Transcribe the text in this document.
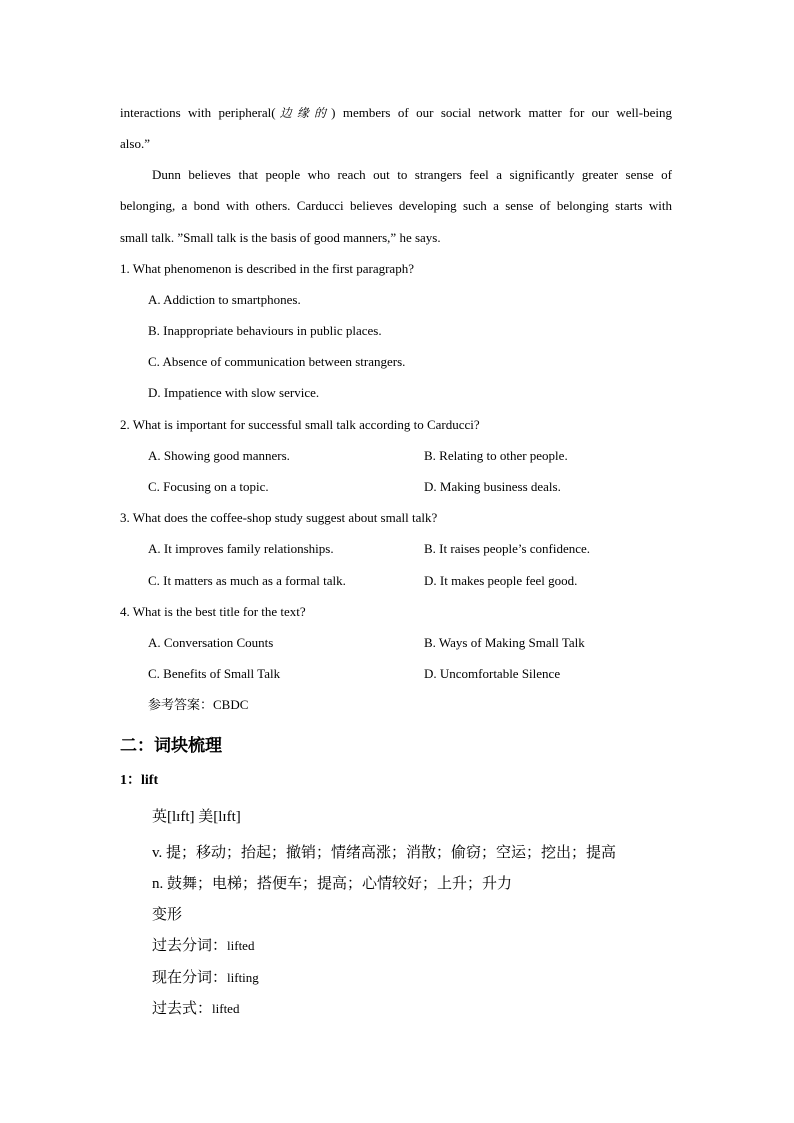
interactions with peripheral(边缘的) members of our social network matter for our well-being
also.”
Dunn believes that people who reach out to strangers feel a significantly greater sense of
belonging, a bond with others. Carducci believes developing such a sense of belonging starts with
small talk. ”Small talk is the basis of good manners,” he says.
1. What phenomenon is described in the first paragraph?
A. Addiction to smartphones.
B. Inappropriate behaviours in public places.
C. Absence of communication between strangers.
D. Impatience with slow service.
2. What is important for successful small talk according to Carducci?
A. Showing good manners.	B. Relating to other people.
C. Focusing on a topic.	D. Making business deals.
3. What does the coffee-shop study suggest about small talk?
A. It improves family relationships.	B. It raises people’s confidence.
C. It matters as much as a formal talk.	D. It makes people feel good.
4. What is the best title for the text?
A. Conversation Counts	B. Ways of Making Small Talk
C. Benefits of Small Talk	D. Uncomfortable Silence
参考答案：CBDC
二：词块梳理
1：lift
英[lɪft] 美[lɪft]
v. 提；移动；抬起；撤销；情绪高涨；消散；偷窃；空运；挖出；提高
n. 鼓舞；电梯；搭便车；提高；心情较好；上升；升力
变形
过去分词：lifted
现在分词：lifting
过去式：lifted
